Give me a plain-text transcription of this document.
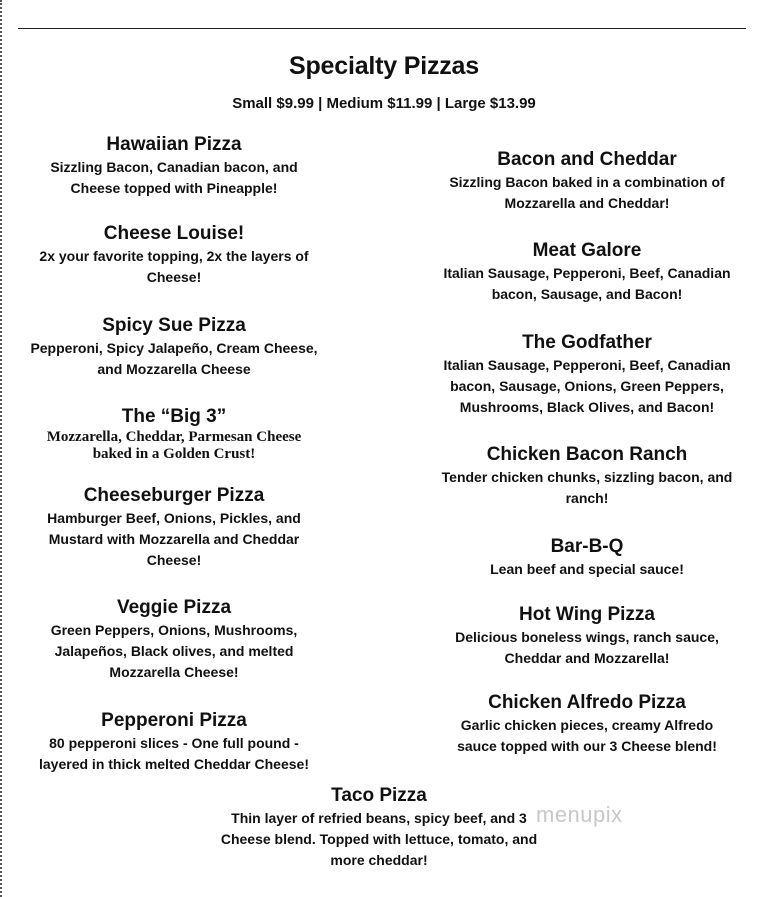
Specialty Pizzas
Small $9.99 | Medium $11.99 | Large $13.99
Hawaiian Pizza
Sizzling Bacon, Canadian bacon, and
Cheese topped with Pineapple!
Cheese Louise!
2x your favorite topping, 2x the layers of
Cheese!
Spicy Sue Pizza
Pepperoni, Spicy Jalapeño, Cream Cheese,
and Mozzarella Cheese
The “Big 3”
Mozzarella, Cheddar, Parmesan Cheese
baked in a Golden Crust!
Cheeseburger Pizza
Hamburger Beef, Onions, Pickles, and
Mustard with Mozzarella and Cheddar
Cheese!
Veggie Pizza
Green Peppers, Onions, Mushrooms,
Jalapeños, Black olives, and melted
Mozzarella Cheese!
Pepperoni Pizza
80 pepperoni slices - One full pound -
layered in thick melted Cheddar Cheese!
Bacon and Cheddar
Sizzling Bacon baked in a combination of
Mozzarella and Cheddar!
Meat Galore
Italian Sausage, Pepperoni, Beef, Canadian
bacon, Sausage, and Bacon!
The Godfather
Italian Sausage, Pepperoni, Beef, Canadian
bacon, Sausage, Onions, Green Peppers,
Mushrooms, Black Olives, and Bacon!
Chicken Bacon Ranch
Tender chicken chunks, sizzling bacon, and
ranch!
Bar-B-Q
Lean beef and special sauce!
Hot Wing Pizza
Delicious boneless wings, ranch sauce,
Cheddar and Mozzarella!
Chicken Alfredo Pizza
Garlic chicken pieces, creamy Alfredo
sauce topped with our 3 Cheese blend!
Taco Pizza
Thin layer of refried beans, spicy beef, and 3
Cheese blend. Topped with lettuce, tomato, and
more cheddar!
menupix
